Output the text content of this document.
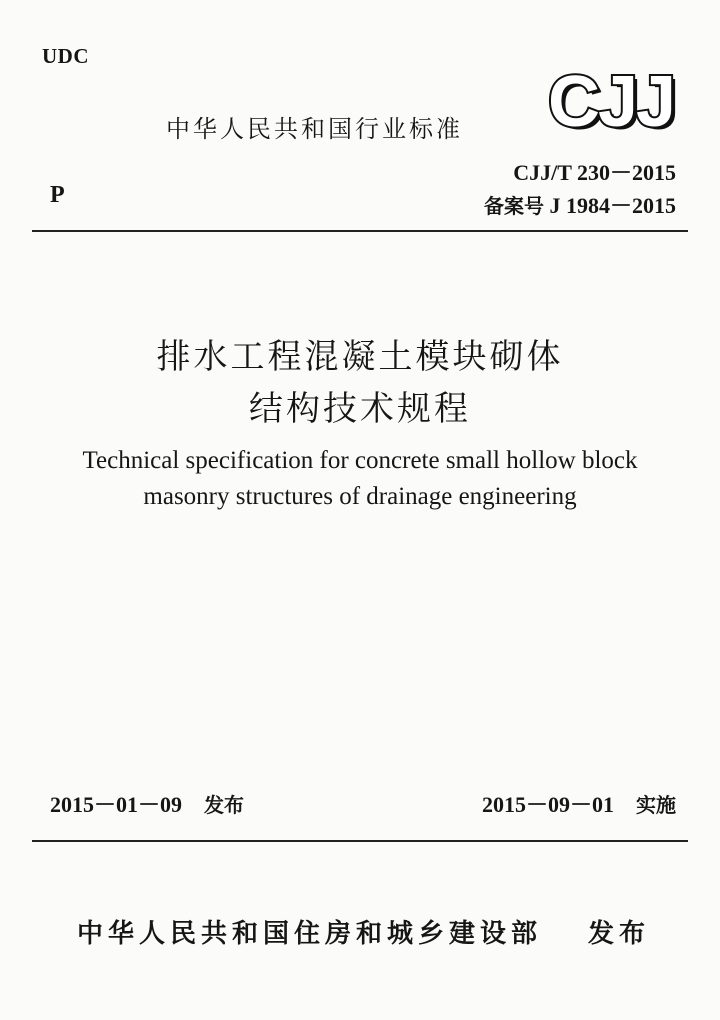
UDC
中华人民共和国行业标准 CJJ
CJJ/T 230－2015
P	备案号 J 1984－2015
排水工程混凝土模块砌体
结构技术规程
Technical specification for concrete small hollow block
masonry structures of drainage engineering
2015－01－09 发布	2015－09－01 实施
中华人民共和国住房和城乡建设部 发布
